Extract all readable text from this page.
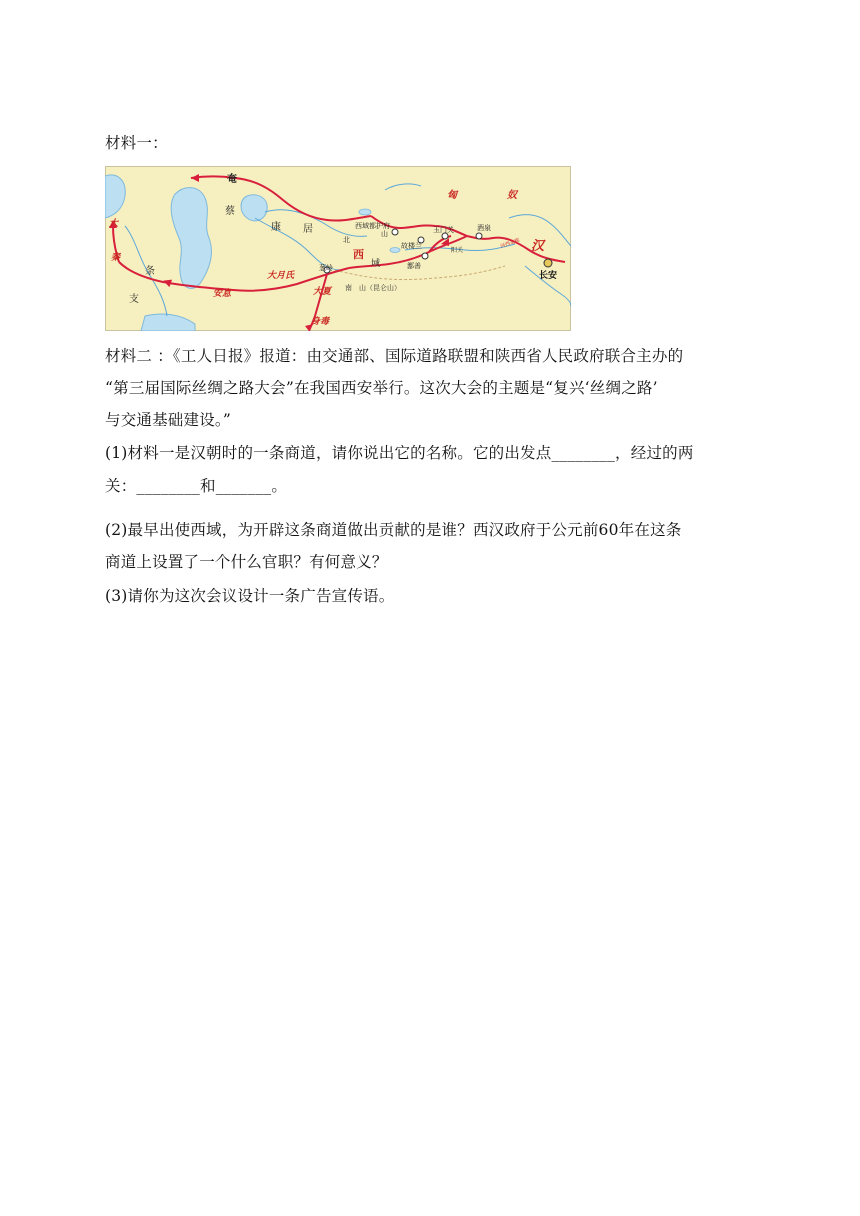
材料一：
奄
蔡
康 居	西域都护府
北
山
西
域
玉门关	酒泉
故楼兰
阳关
鄯善
匈	奴
汉
长安
河西走廊
大月氏
葱岭
大夏
安息
条
支
大
秦
南　山（昆仑山）
身毒
材料二 ：《工人日报》报道：由交通部、国际道路联盟和陕西省人民政府联合主办的
“第三届国际丝绸之路大会”在我国西安举行。这次大会的主题是“复兴‘丝绸之路’
与交通基础建设。”
(1)材料一是汉朝时的一条商道，请你说出它的名称。它的出发点________，经过的两
关：________和_______。
(2)最早出使西域，为开辟这条商道做出贡献的是谁？西汉政府于公元前60年在这条
商道上设置了一个什么官职？有何意义？
(3)请你为这次会议设计一条广告宣传语。
